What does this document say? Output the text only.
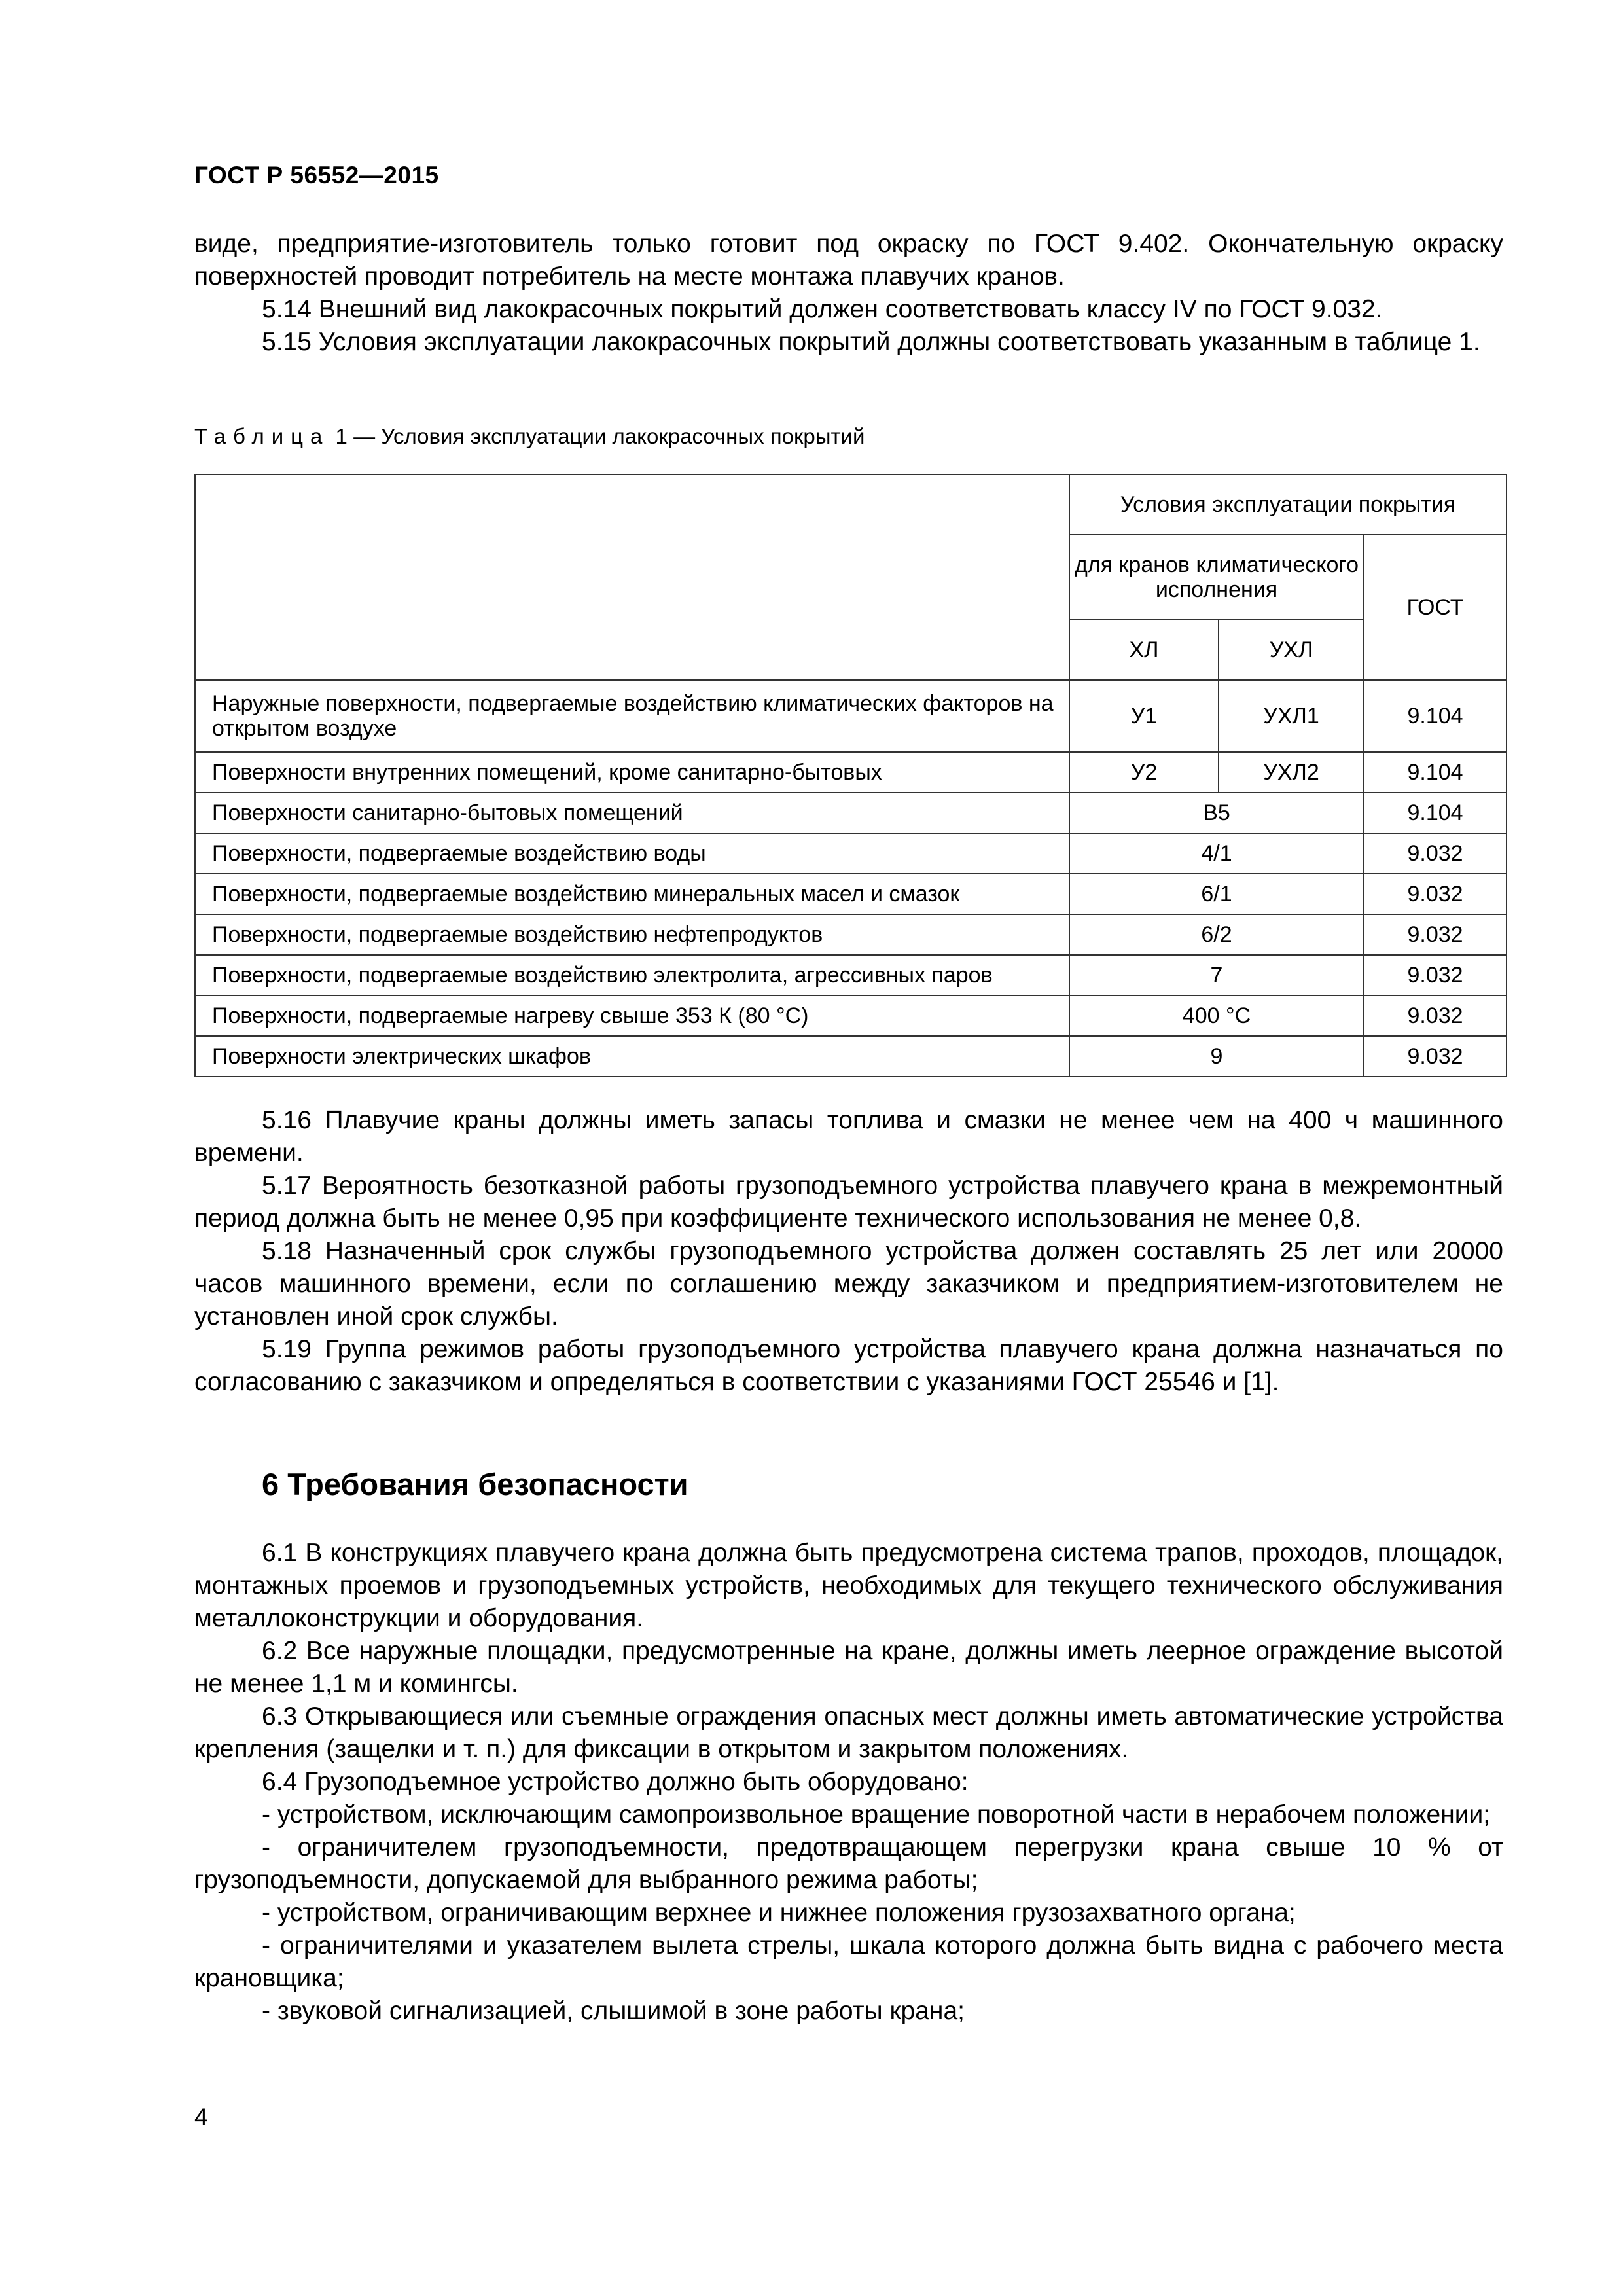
ГОСТ Р 56552—2015

виде, предприятие-изготовитель только готовит под окраску по ГОСТ 9.402. Окончательную окраску поверхностей проводит потребитель на месте монтажа плавучих кранов.

5.14 Внешний вид лакокрасочных покрытий должен соответствовать классу IV по ГОСТ 9.032.

5.15 Условия эксплуатации лакокрасочных покрытий должны соответствовать указанным в таблице 1.

Таблица 1 — Условия эксплуатации лакокрасочных покрытий
	Условия эксплуатации покрытия		
	для кранов климатического исполнения		ГОСТ
	ХЛ	УХЛ	
Наружные поверхности, подвергаемые воздействию климатических факторов на открытом воздухе	У1	УХЛ1	9.104
Поверхности внутренних помещений, кроме санитарно-бытовых	У2	УХЛ2	9.104
Поверхности санитарно-бытовых помещений	В5		9.104
Поверхности, подвергаемые воздействию воды	4/1		9.032
Поверхности, подвергаемые воздействию минеральных масел и смазок	6/1		9.032
Поверхности, подвергаемые воздействию нефтепродуктов	6/2		9.032
Поверхности, подвергаемые воздействию электролита, агрессивных паров	7		9.032
Поверхности, подвергаемые нагреву свыше 353 К (80 °С)	400 °С		9.032
Поверхности электрических шкафов	9		9.032

5.16 Плавучие краны должны иметь запасы топлива и смазки не менее чем на 400 ч машинного времени.

5.17 Вероятность безотказной работы грузоподъемного устройства плавучего крана в межремонтный период должна быть не менее 0,95 при коэффициенте технического использования не менее 0,8.

5.18 Назначенный срок службы грузоподъемного устройства должен составлять 25 лет или 20000 часов машинного времени, если по соглашению между заказчиком и предприятием-изготовителем не установлен иной срок службы.

5.19 Группа режимов работы грузоподъемного устройства плавучего крана должна назначаться по согласованию с заказчиком и определяться в соответствии с указаниями ГОСТ 25546 и [1].

6 Требования безопасности

6.1 В конструкциях плавучего крана должна быть предусмотрена система трапов, проходов, площадок, монтажных проемов и грузоподъемных устройств, необходимых для текущего технического обслуживания металлоконструкции и оборудования.

6.2 Все наружные площадки, предусмотренные на кране, должны иметь леерное ограждение высотой не менее 1,1 м и комингсы.

6.3 Открывающиеся или съемные ограждения опасных мест должны иметь автоматические устройства крепления (защелки и т. п.) для фиксации в открытом и закрытом положениях.

6.4 Грузоподъемное устройство должно быть оборудовано:

- устройством, исключающим самопроизвольное вращение поворотной части в нерабочем положении;

- ограничителем грузоподъемности, предотвращающем перегрузки крана свыше 10 % от грузоподъемности, допускаемой для выбранного режима работы;

- устройством, ограничивающим верхнее и нижнее положения грузозахватного органа;

- ограничителями и указателем вылета стрелы, шкала которого должна быть видна с рабочего места крановщика;

- звуковой сигнализацией, слышимой в зоне работы крана;

4
